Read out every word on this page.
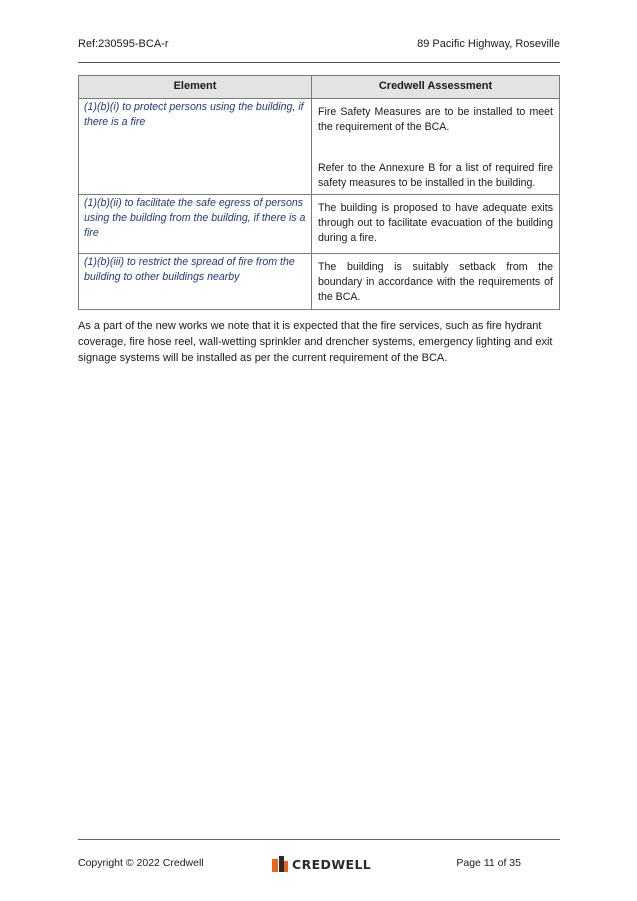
Ref:230595-BCA-r	89 Pacific Highway, Roseville
Element	Credwell Assessment
(1)(b)(i) to protect persons using the building, if there is a fire	Fire Safety Measures are to be installed to meet the requirement of the BCA.

Refer to the Annexure B for a list of required fire safety measures to be installed in the building.

(1)(b)(ii) to facilitate the safe egress of persons using the building from the building, if there is a fire	The building is proposed to have adequate exits through out to facilitate evacuation of the building during a fire.

(1)(b)(iii) to restrict the spread of fire from the building to other buildings nearby	The building is suitably setback from the boundary in accordance with the requirements of the BCA.

As a part of the new works we note that it is expected that the fire services, such as fire hydrant coverage, fire hose reel, wall-wetting sprinkler and drencher systems, emergency lighting and exit signage systems will be installed as per the current requirement of the BCA.
Copyright © 2022 Credwell	CREDWELL	Page 11 of 35
